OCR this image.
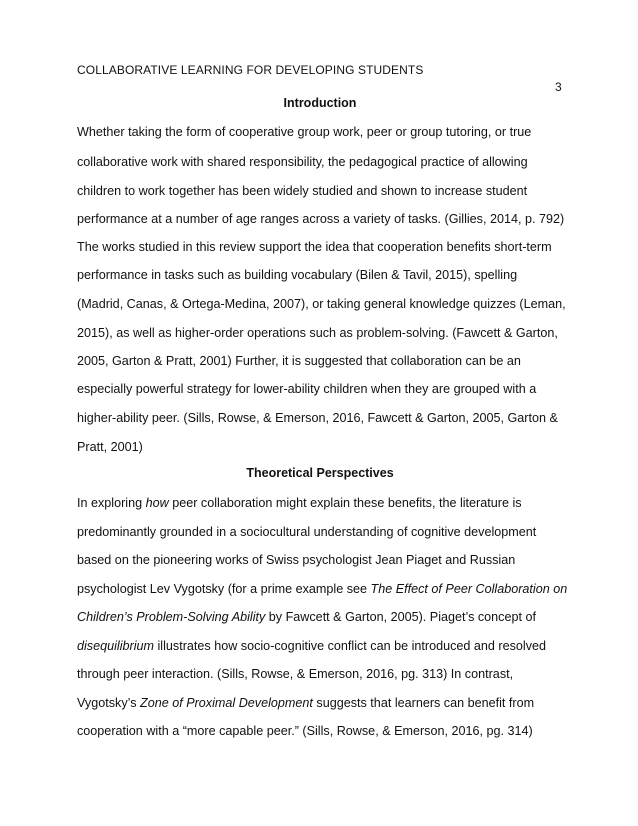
COLLABORATIVE LEARNING FOR DEVELOPING STUDENTS
3
Introduction
Whether taking the form of cooperative group work, peer or group tutoring, or true
collaborative work with shared responsibility, the pedagogical practice of allowing
children to work together has been widely studied and shown to increase student
performance at a number of age ranges across a variety of tasks. (Gillies, 2014, p. 792)
The works studied in this review support the idea that cooperation benefits short-term
performance in tasks such as building vocabulary (Bilen & Tavil, 2015), spelling
(Madrid, Canas, & Ortega-Medina, 2007), or taking general knowledge quizzes (Leman,
2015), as well as higher-order operations such as problem-solving. (Fawcett & Garton,
2005, Garton & Pratt, 2001) Further, it is suggested that collaboration can be an
especially powerful strategy for lower-ability children when they are grouped with a
higher-ability peer. (Sills, Rowse, & Emerson, 2016, Fawcett & Garton, 2005, Garton &
Pratt, 2001)
Theoretical Perspectives
In exploring how peer collaboration might explain these benefits, the literature is
predominantly grounded in a sociocultural understanding of cognitive development
based on the pioneering works of Swiss psychologist Jean Piaget and Russian
psychologist Lev Vygotsky (for a prime example see The Effect of Peer Collaboration on
Children’s Problem-Solving Ability by Fawcett & Garton, 2005). Piaget’s concept of
disequilibrium illustrates how socio-cognitive conflict can be introduced and resolved
through peer interaction. (Sills, Rowse, & Emerson, 2016, pg. 313) In contrast,
Vygotsky’s Zone of Proximal Development suggests that learners can benefit from
cooperation with a “more capable peer.” (Sills, Rowse, & Emerson, 2016, pg. 314)
